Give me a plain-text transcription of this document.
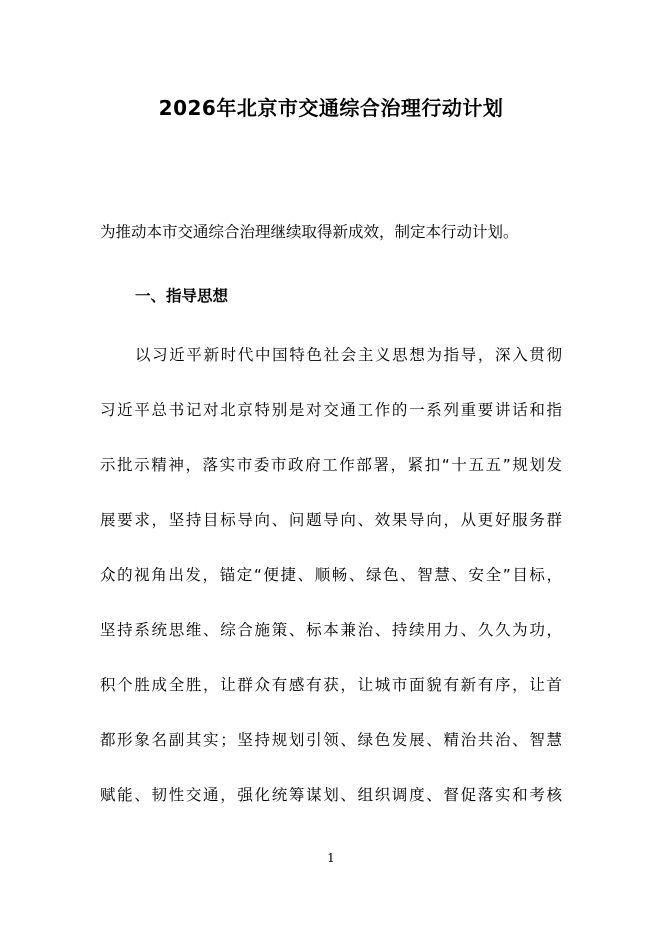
2026年北京市交通综合治理行动计划
为推动本市交通综合治理继续取得新成效，制定本行动计划。
一、指导思想
以习近平新时代中国特色社会主义思想为指导，深入贯彻
习近平总书记对北京特别是对交通工作的一系列重要讲话和指
示批示精神，落实市委市政府工作部署，紧扣“十五五”规划发
展要求，坚持目标导向、问题导向、效果导向，从更好服务群
众的视角出发，锚定“便捷、顺畅、绿色、智慧、安全”目标，
坚持系统思维、综合施策、标本兼治、持续用力、久久为功，
积个胜成全胜，让群众有感有获，让城市面貌有新有序，让首
都形象名副其实；坚持规划引领、绿色发展、精治共治、智慧
赋能、韧性交通，强化统筹谋划、组织调度、督促落实和考核
1
